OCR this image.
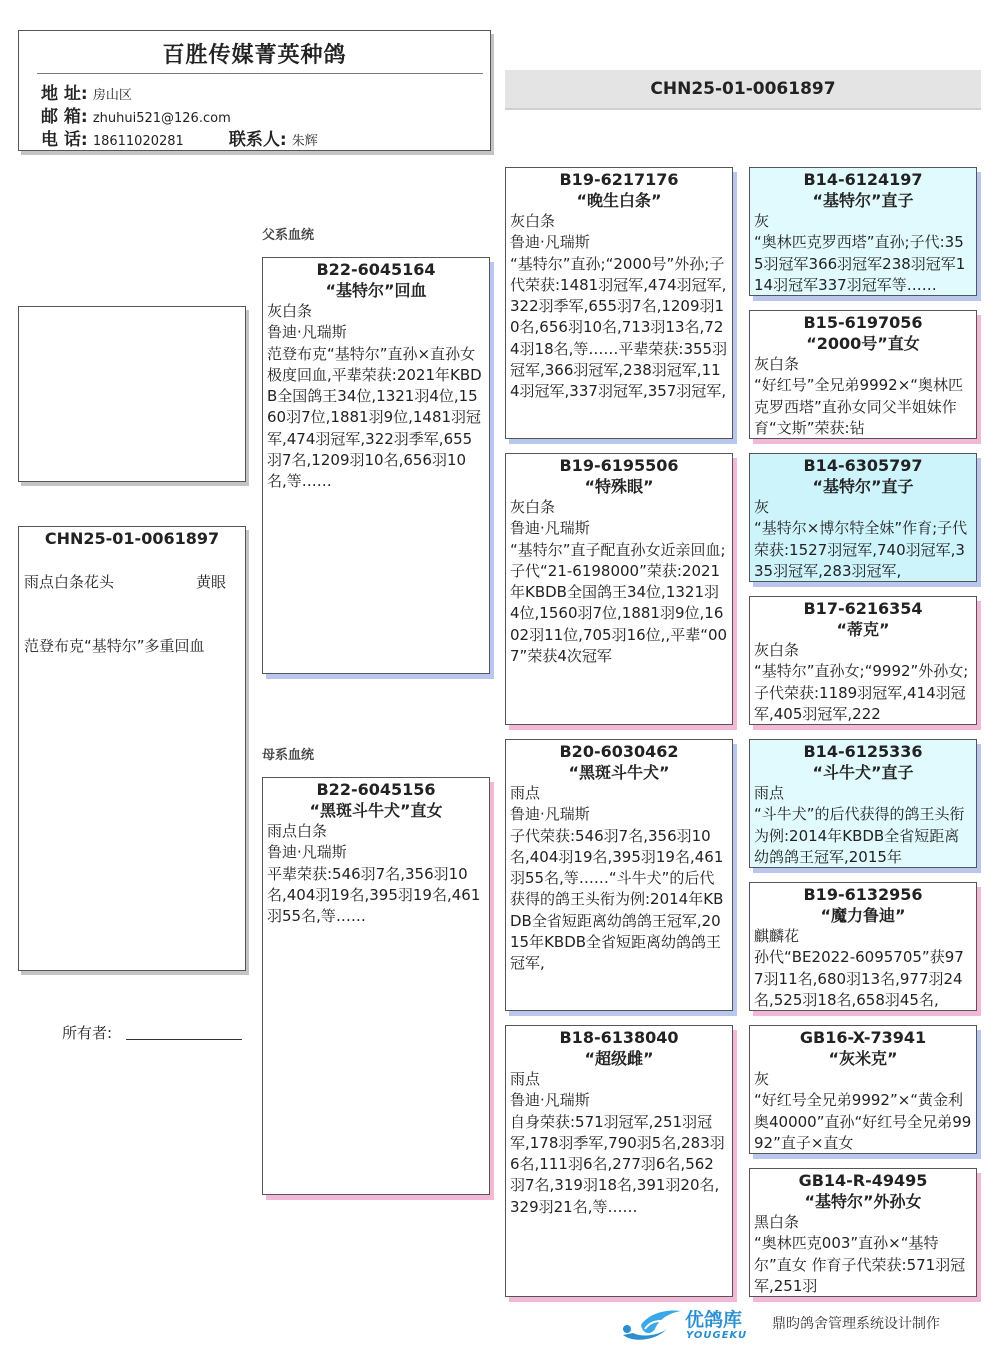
百胜传媒菁英种鸽
地 址: 房山区
邮 箱: zhuhui521@126.com
电 话: 18611020281	联系人: 朱辉
CHN25-01-0061897
CHN25-01-0061897
雨点白条花头	黄眼
范登布克“基特尔”多重回血
所有者:
父系血统
母系血统
B22-6045164
“基特尔”回血
灰白条
鲁迪·凡瑞斯
范登布克“基特尔”直孙×直孙女极度回血,平辈荣获:2021年KBDB全国鸽王34位,1321羽4位,1560羽7位,1881羽9位,1481羽冠军,474羽冠军,322羽季军,655羽7名,1209羽10名,656羽10名,等……
B22-6045156
“黑斑斗牛犬”直女
雨点白条
鲁迪·凡瑞斯
平辈荣获:546羽7名,356羽10名,404羽19名,395羽19名,461羽55名,等……
B19-6217176
“晚生白条”
灰白条
鲁迪·凡瑞斯
“基特尔”直孙;“2000号”外孙;子代荣获:1481羽冠军,474羽冠军,322羽季军,655羽7名,1209羽10名,656羽10名,713羽13名,724羽18名,等……平辈荣获:355羽冠军,366羽冠军,238羽冠军,114羽冠军,337羽冠军,357羽冠军,
B19-6195506
“特殊眼”
灰白条
鲁迪·凡瑞斯
“基特尔”直子配直孙女近亲回血;子代“21-6198000”荣获:2021年KBDB全国鸽王34位,1321羽4位,1560羽7位,1881羽9位,1602羽11位,705羽16位,,平辈“007”荣获4次冠军
B20-6030462
“黑斑斗牛犬”
雨点
鲁迪·凡瑞斯
子代荣获:546羽7名,356羽10名,404羽19名,395羽19名,461羽55名,等……“斗牛犬”的后代获得的鸽王头衔为例:2014年KBDB全省短距离幼鸽鸽王冠军,2015年KBDB全省短距离幼鸽鸽王冠军,
B18-6138040
“超级雌”
雨点
鲁迪·凡瑞斯
自身荣获:571羽冠军,251羽冠军,178羽季军,790羽5名,283羽6名,111羽6名,277羽6名,562羽7名,319羽18名,391羽20名,329羽21名,等……
B14-6124197
“基特尔”直子
灰
“奥林匹克罗西塔”直孙;子代:355羽冠军366羽冠军238羽冠军114羽冠军337羽冠军等……
B15-6197056
“2000号”直女
灰白条
“好红号”全兄弟9992×“奥林匹克罗西塔”直孙女同父半姐妹作育“文斯”荣获:钻
B14-6305797
“基特尔”直子
灰
“基特尔×博尔特全妹”作育;子代荣获:1527羽冠军,740羽冠军,335羽冠军,283羽冠军,
B17-6216354
“蒂克”
灰白条
“基特尔”直孙女;“9992”外孙女;子代荣获:1189羽冠军,414羽冠军,405羽冠军,222
B14-6125336
“斗牛犬”直子
雨点
“斗牛犬”的后代获得的鸽王头衔为例:2014年KBDB全省短距离幼鸽鸽王冠军,2015年
B19-6132956
“魔力鲁迪”
麒麟花
孙代“BE2022-6095705”获977羽11名,680羽13名,977羽24名,525羽18名,658羽45名,
GB16-X-73941
“灰米克”
灰
“好红号全兄弟9992”×“黄金利奥40000”直孙“好红号全兄弟9992”直子×直女
GB14-R-49495
“基特尔”外孙女
黑白条
“奥林匹克003”直孙×“基特尔”直女 作育子代荣获:571羽冠军,251羽
优鸽库
YOUGEKU
鼎昀鸽舍管理系统设计制作
